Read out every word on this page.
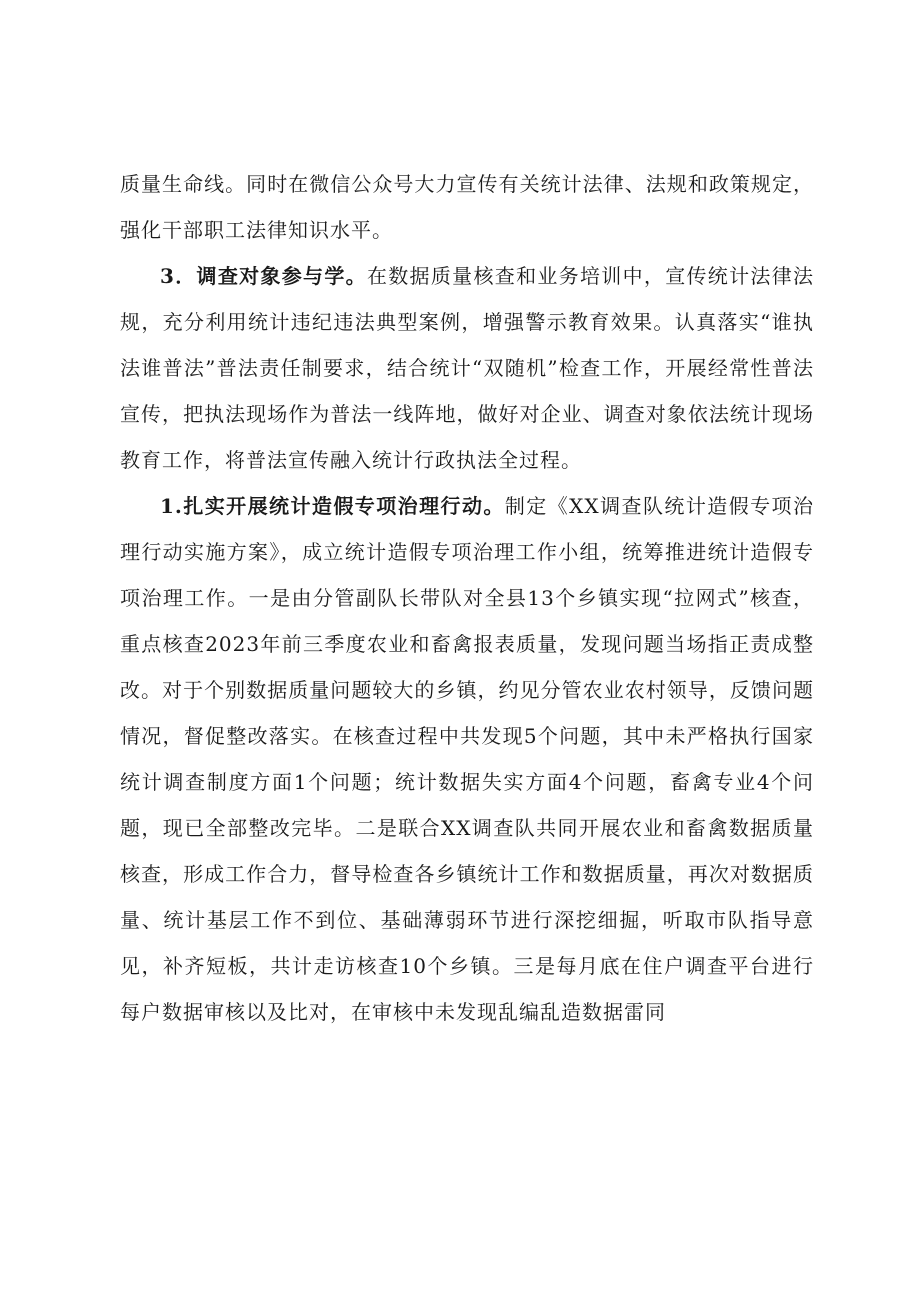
质量生命线。同时在微信公众号大力宣传有关统计法律、法规和政策规定，强化干部职工法律知识水平。

3．调查对象参与学。在数据质量核查和业务培训中，宣传统计法律法规，充分利用统计违纪违法典型案例，增强警示教育效果。认真落实“谁执法谁普法”普法责任制要求，结合统计“双随机”检查工作，开展经常性普法宣传，把执法现场作为普法一线阵地，做好对企业、调查对象依法统计现场教育工作，将普法宣传融入统计行政执法全过程。

1.扎实开展统计造假专项治理行动。制定《XX调查队统计造假专项治理行动实施方案》，成立统计造假专项治理工作小组，统筹推进统计造假专项治理工作。一是由分管副队长带队对全县13个乡镇实现“拉网式”核查，重点核查2023年前三季度农业和畜禽报表质量，发现问题当场指正责成整改。对于个别数据质量问题较大的乡镇，约见分管农业农村领导，反馈问题情况，督促整改落实。在核查过程中共发现5个问题，其中未严格执行国家统计调查制度方面1个问题；统计数据失实方面4个问题，畜禽专业4个问题，现已全部整改完毕。二是联合XX调查队共同开展农业和畜禽数据质量核查，形成工作合力，督导检查各乡镇统计工作和数据质量，再次对数据质量、统计基层工作不到位、基础薄弱环节进行深挖细掘，听取市队指导意见，补齐短板，共计走访核查10个乡镇。三是每月底在住户调查平台进行每户数据审核以及比对，在审核中未发现乱编乱造数据雷同
